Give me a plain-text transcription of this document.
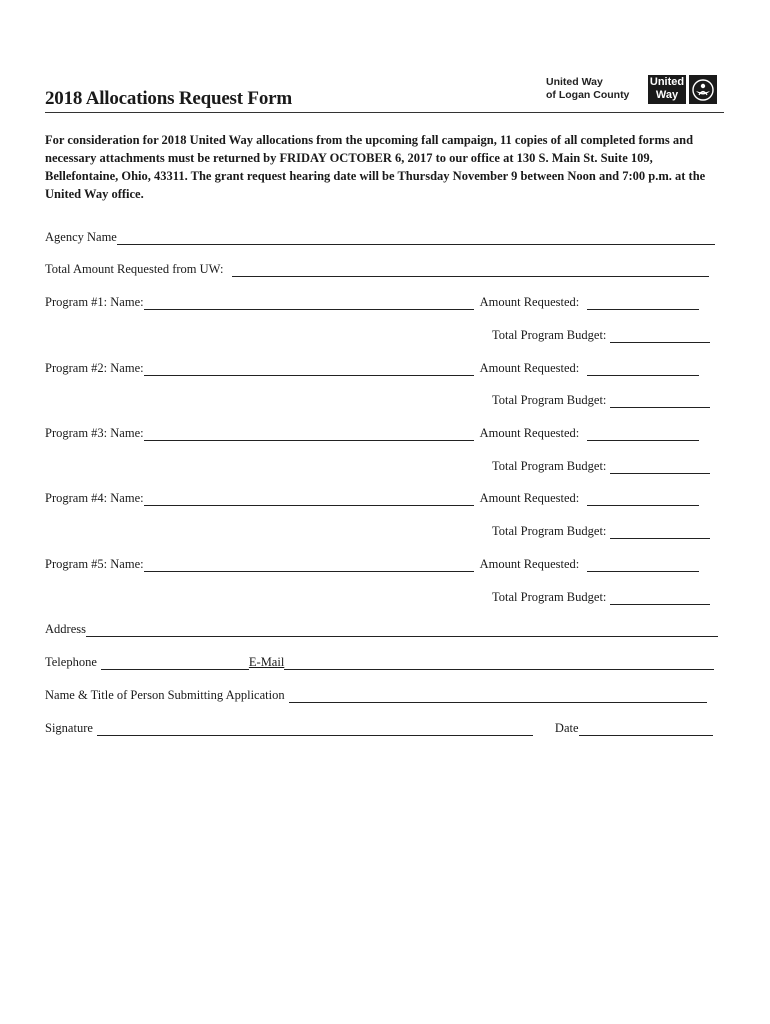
2018 Allocations Request Form
United Way
of Logan County
United
Way
For consideration for 2018 United Way allocations from the upcoming fall campaign, 11 copies of all completed forms and necessary attachments must be returned by FRIDAY OCTOBER 6, 2017 to our office at 130 S. Main St. Suite 109, Bellefontaine, Ohio, 43311. The grant request hearing date will be Thursday November 9 between Noon and 7:00 p.m. at the United Way office.
Agency Name
Total Amount Requested from UW:
Program #1: Name:	Amount Requested:
Total Program Budget:
Program #2: Name:	Amount Requested:
Total Program Budget:
Program #3: Name:	Amount Requested:
Total Program Budget:
Program #4: Name:	Amount Requested:
Total Program Budget:
Program #5: Name:	Amount Requested:
Total Program Budget:
Address
Telephone	E-Mail
Name & Title of Person Submitting Application
Signature	Date
